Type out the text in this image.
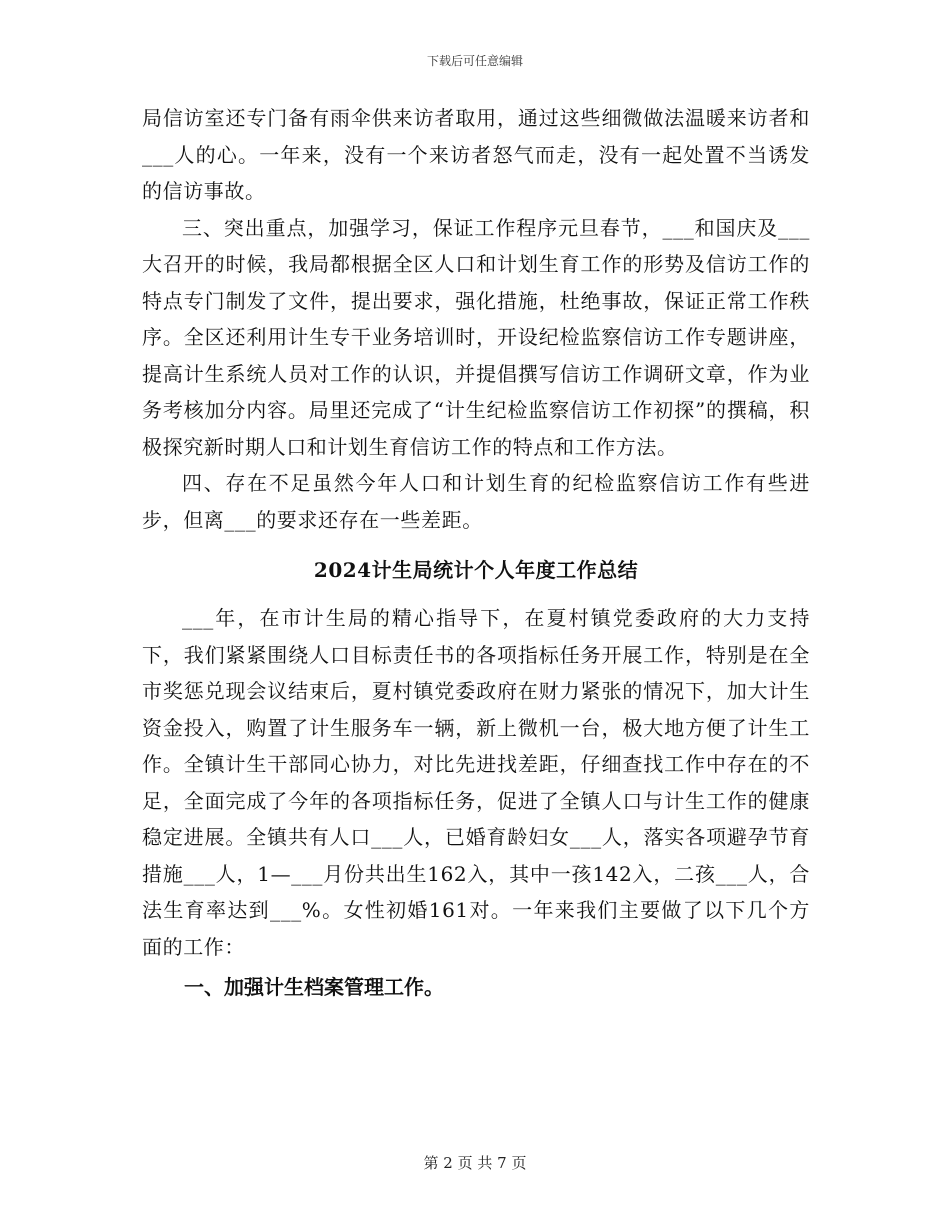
下载后可任意编辑

局信访室还专门备有雨伞供来访者取用，通过这些细微做法温暖来访者和___人的心。一年来，没有一个来访者怒气而走，没有一起处置不当诱发的信访事故。

三、突出重点，加强学习，保证工作程序元旦春节，___和国庆及___大召开的时候，我局都根据全区人口和计划生育工作的形势及信访工作的特点专门制发了文件，提出要求，强化措施，杜绝事故，保证正常工作秩序。全区还利用计生专干业务培训时，开设纪检监察信访工作专题讲座，提高计生系统人员对工作的认识，并提倡撰写信访工作调研文章，作为业务考核加分内容。局里还完成了“计生纪检监察信访工作初探”的撰稿，积极探究新时期人口和计划生育信访工作的特点和工作方法。

四、存在不足虽然今年人口和计划生育的纪检监察信访工作有些进步，但离___的要求还存在一些差距。

2024计生局统计个人年度工作总结

___年，在市计生局的精心指导下，在夏村镇党委政府的大力支持下，我们紧紧围绕人口目标责任书的各项指标任务开展工作，特别是在全市奖惩兑现会议结束后，夏村镇党委政府在财力紧张的情况下，加大计生资金投入，购置了计生服务车一辆，新上微机一台，极大地方便了计生工作。全镇计生干部同心协力，对比先进找差距，仔细查找工作中存在的不足，全面完成了今年的各项指标任务，促进了全镇人口与计生工作的健康稳定进展。全镇共有人口___人，已婚育龄妇女___人，落实各项避孕节育措施___人，1—___月份共出生162入，其中一孩142入，二孩___人，合法生育率达到___%。女性初婚161对。一年来我们主要做了以下几个方面的工作：

一、加强计生档案管理工作。

第 2 页 共 7 页
